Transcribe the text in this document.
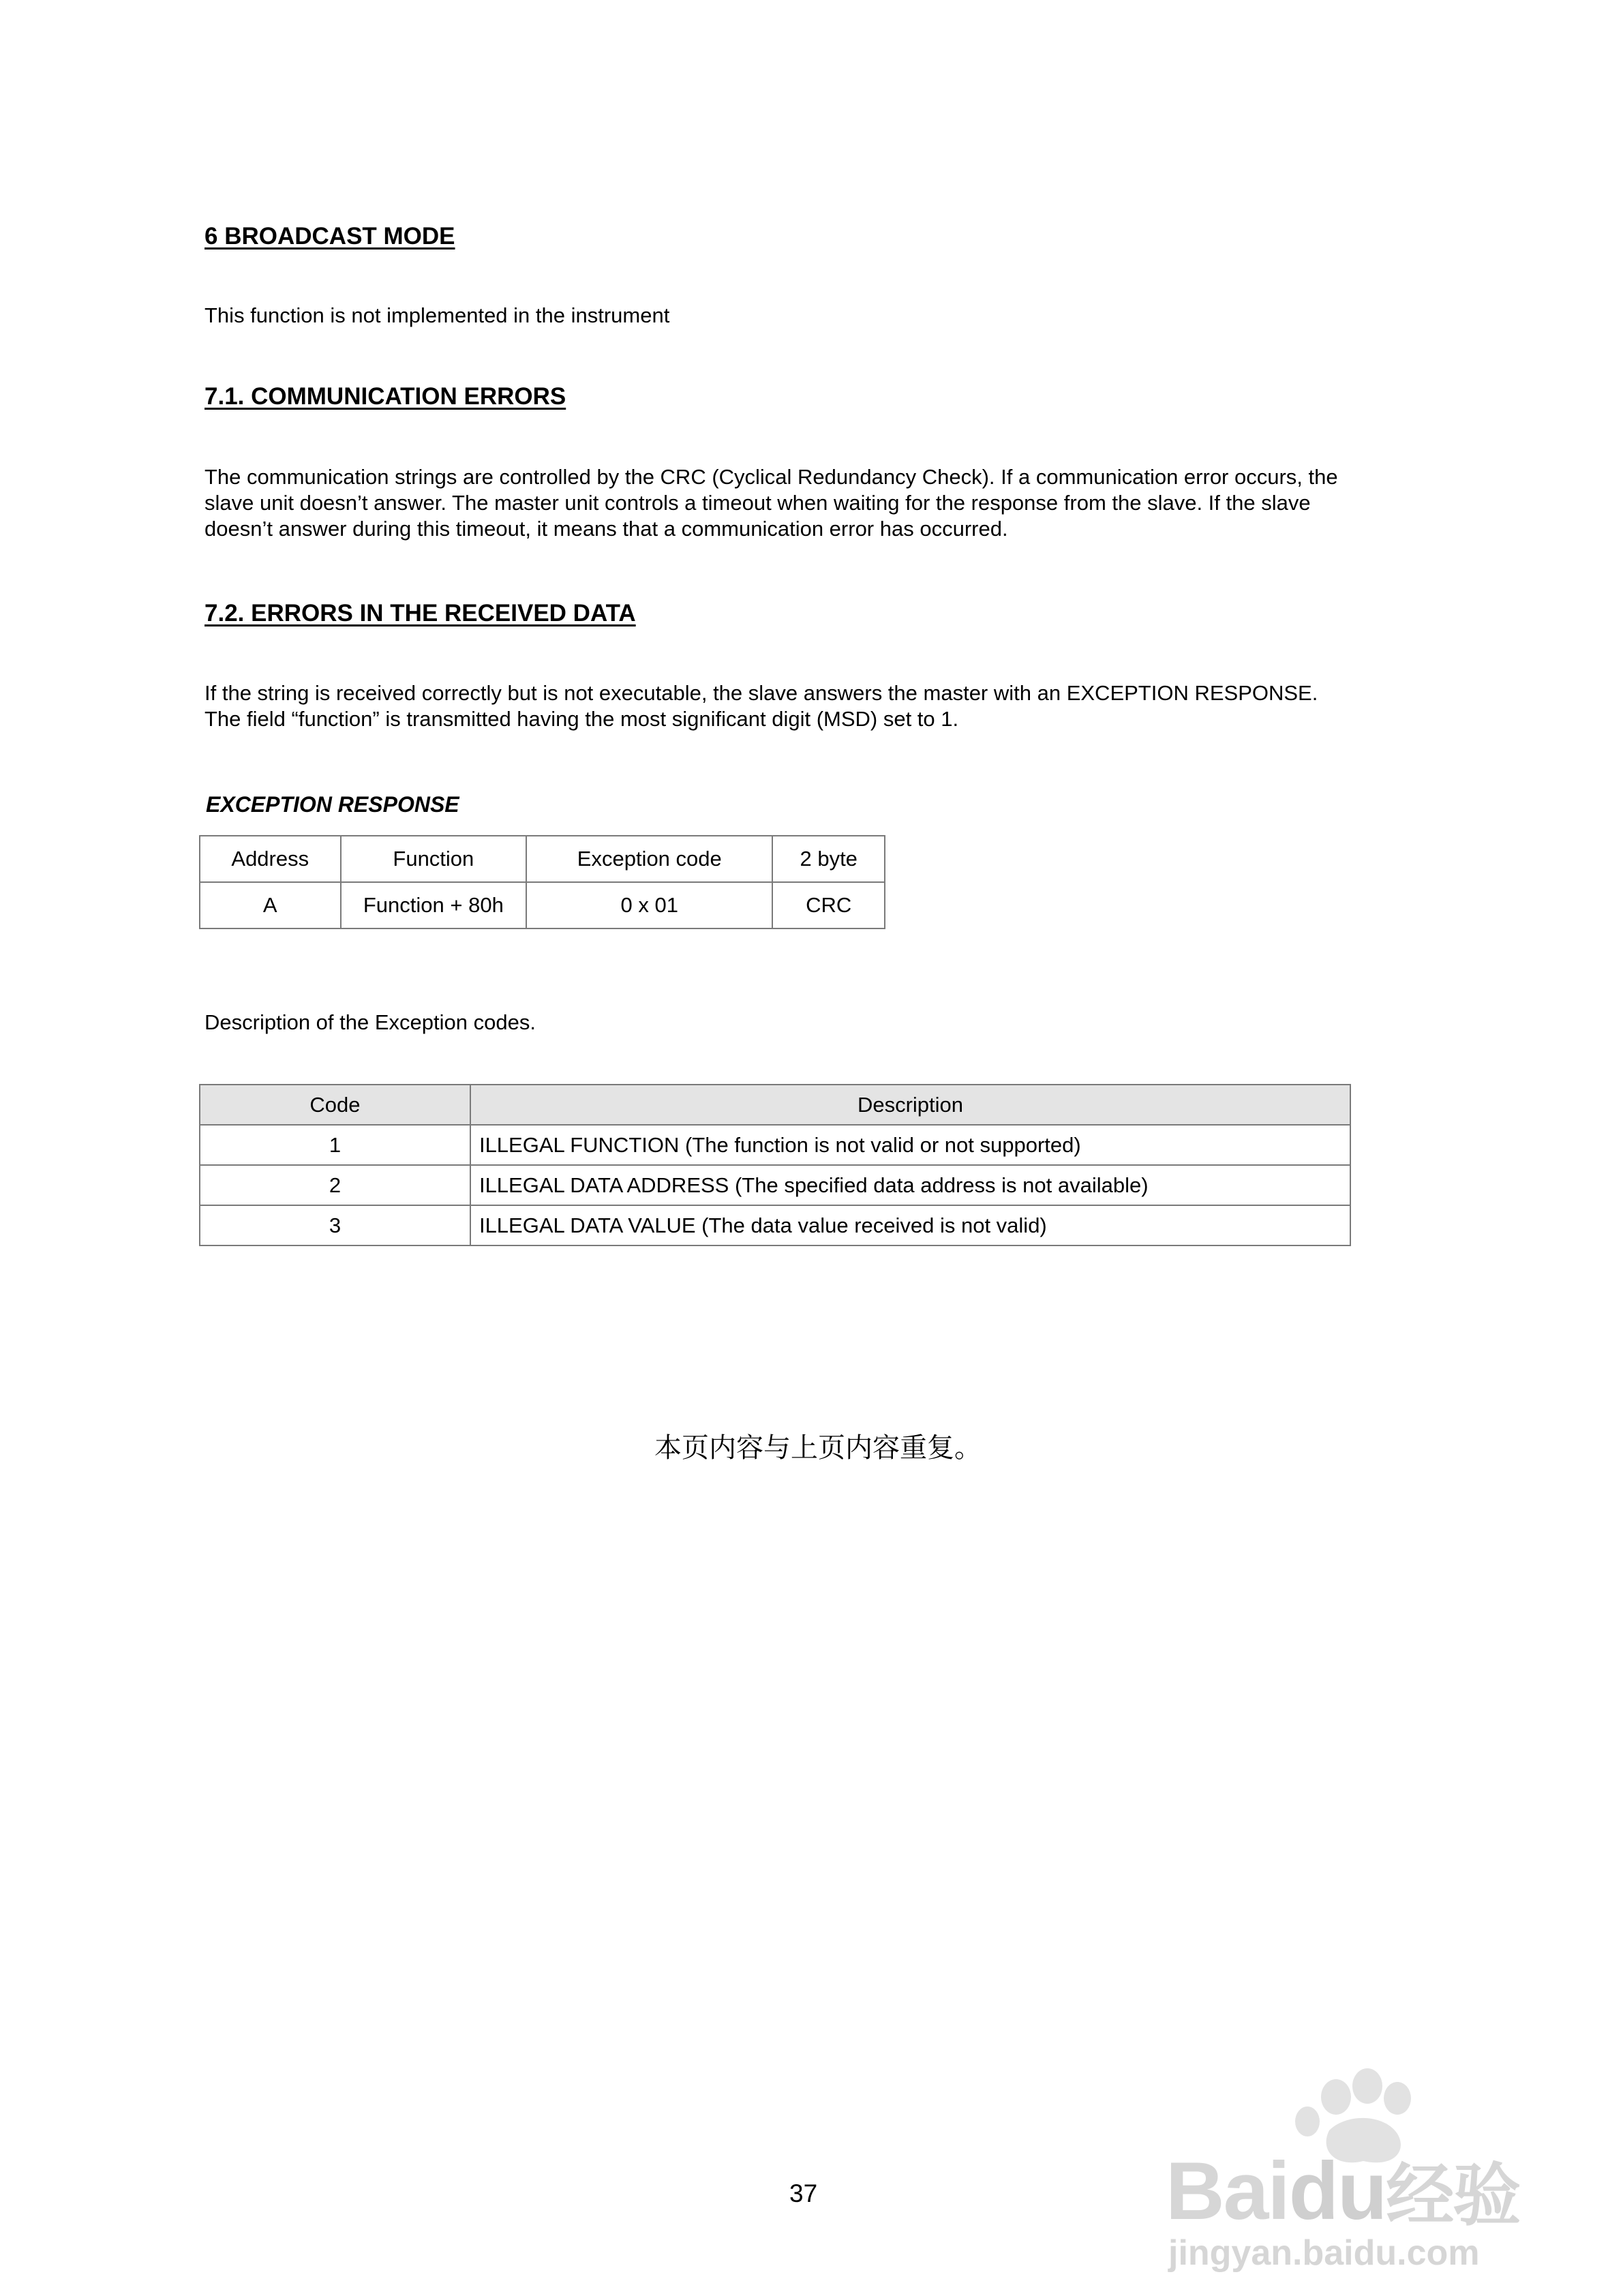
6 BROADCAST MODE
This function is not implemented in the instrument
7.1. COMMUNICATION ERRORS
The communication strings are controlled by the CRC (Cyclical Redundancy Check). If a communication error occurs, the
slave unit doesn’t answer. The master unit controls a timeout when waiting for the response from the slave. If the slave
doesn’t answer during this timeout, it means that a communication error has occurred.
7.2. ERRORS IN THE RECEIVED DATA
If the string is received correctly but is not executable, the slave answers the master with an EXCEPTION RESPONSE.
The field “function” is transmitted having the most significant digit (MSD) set to 1.
EXCEPTION RESPONSE
Address	Function	Exception code	2 byte
A	Function + 80h	0 x 01	CRC
Description of the Exception codes.
Code	Description
1	ILLEGAL FUNCTION (The function is not valid or not supported)
2	ILLEGAL DATA ADDRESS (The specified data address is not available)
3	ILLEGAL DATA VALUE (The data value received is not valid)
本页内容与上页内容重复。
37	Baidu经验
jingyan.baidu.com
